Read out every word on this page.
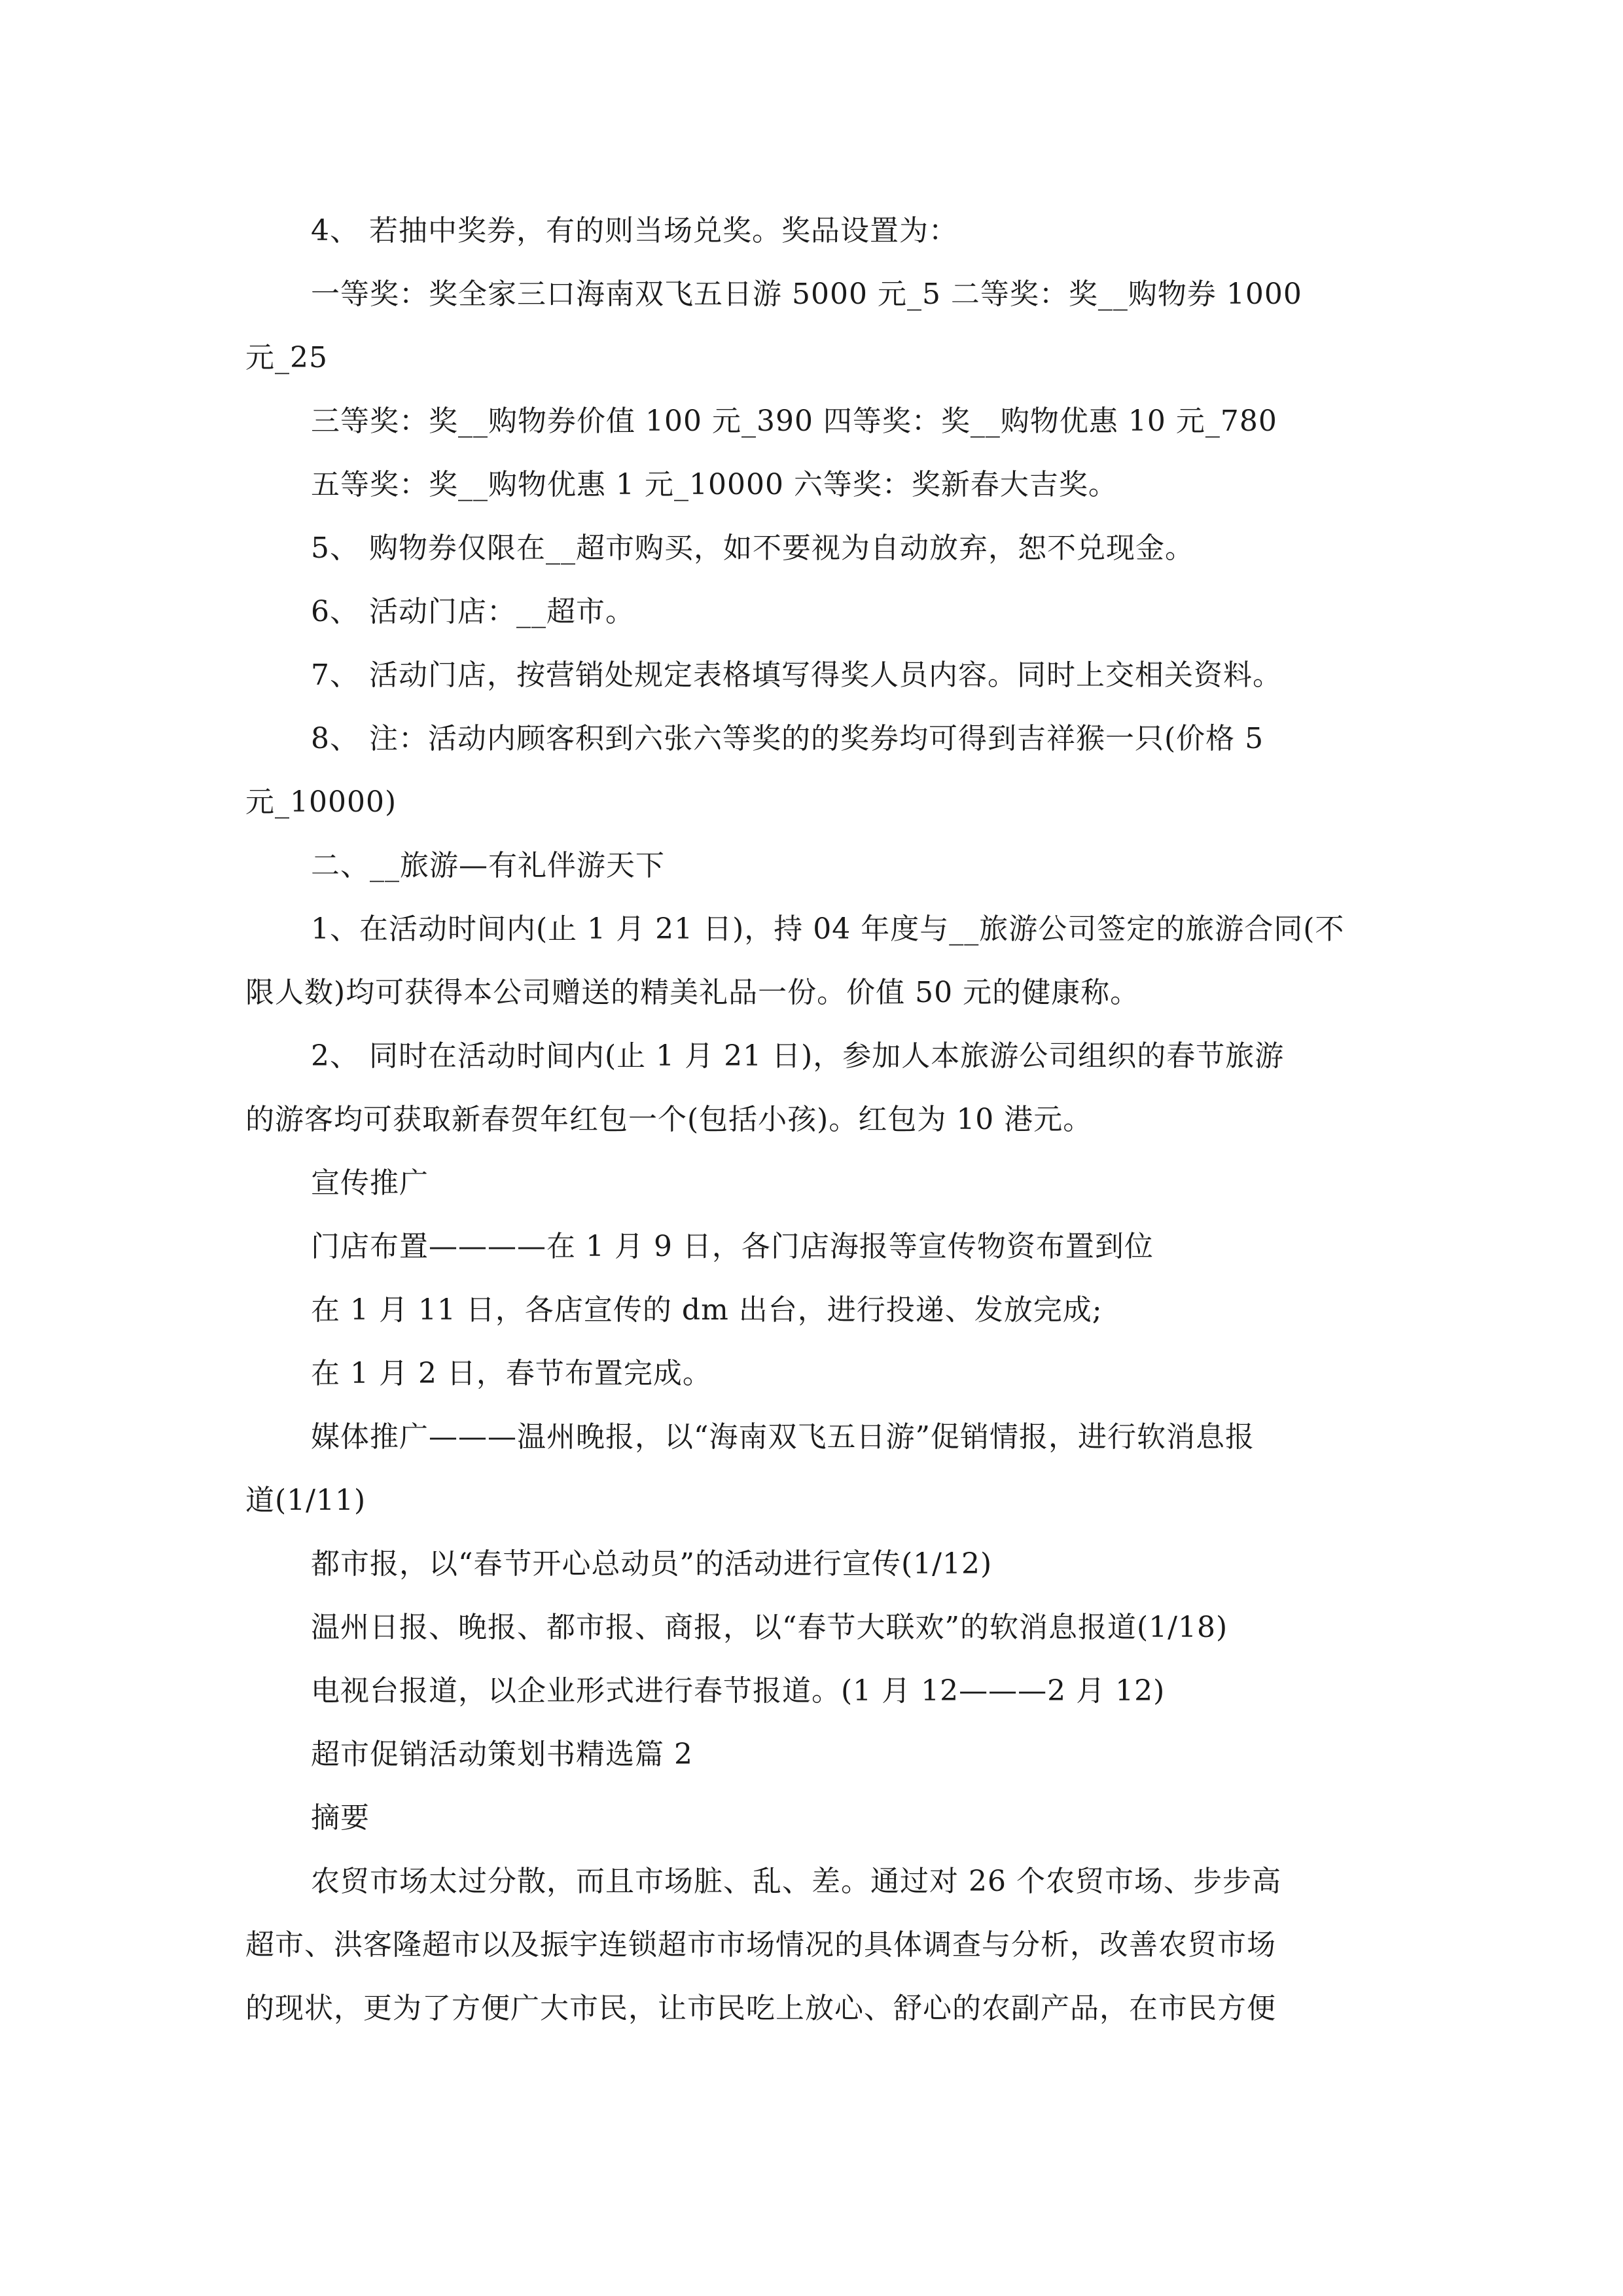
4、 若抽中奖券，有的则当场兑奖。奖品设置为：
一等奖：奖全家三口海南双飞五日游 5000 元_5 二等奖：奖__购物券 1000
元_25
三等奖：奖__购物券价值 100 元_390 四等奖：奖__购物优惠 10 元_780
五等奖：奖__购物优惠 1 元_10000 六等奖：奖新春大吉奖。
5、 购物券仅限在__超市购买，如不要视为自动放弃，恕不兑现金。
6、 活动门店：__超市。
7、 活动门店，按营销处规定表格填写得奖人员内容。同时上交相关资料。
8、 注：活动内顾客积到六张六等奖的的奖券均可得到吉祥猴一只(价格 5
元_10000)
二、__旅游—有礼伴游天下
1、在活动时间内(止 1 月 21 日)，持 04 年度与__旅游公司签定的旅游合同(不
限人数)均可获得本公司赠送的精美礼品一份。价值 50 元的健康称。
2、 同时在活动时间内(止 1 月 21 日)，参加人本旅游公司组织的春节旅游
的游客均可获取新春贺年红包一个(包括小孩)。红包为 10 港元。
宣传推广
门店布置————在 1 月 9 日，各门店海报等宣传物资布置到位
在 1 月 11 日，各店宣传的 dm 出台，进行投递、发放完成;
在 1 月 2 日，春节布置完成。
媒体推广———温州晚报，以“海南双飞五日游”促销情报，进行软消息报
道(1/11)
都市报，以“春节开心总动员”的活动进行宣传(1/12)
温州日报、晚报、都市报、商报，以“春节大联欢”的软消息报道(1/18)
电视台报道，以企业形式进行春节报道。(1 月 12———2 月 12)
超市促销活动策划书精选篇 2
摘要
农贸市场太过分散，而且市场脏、乱、差。通过对 26 个农贸市场、步步高
超市、洪客隆超市以及振宇连锁超市市场情况的具体调查与分析，改善农贸市场
的现状，更为了方便广大市民，让市民吃上放心、舒心的农副产品，在市民方便
